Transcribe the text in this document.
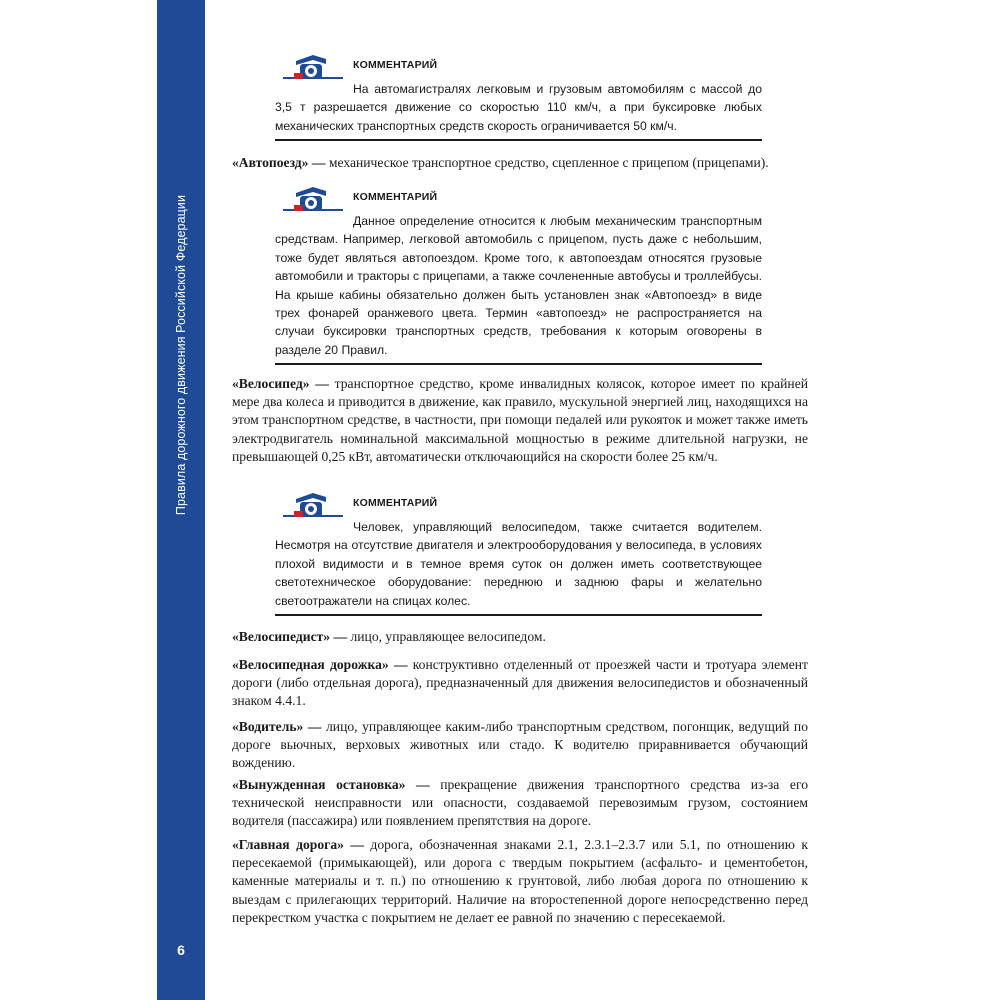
Правила дорожного движения Российской Федерации
6
КОММЕНТАРИЙ
На автомагистралях легковым и грузовым автомобилям с массой до 3,5 т разрешается движение со скоростью 110 км/ч, а при буксировке любых механических транспортных средств скорость ограничивается 50 км/ч.
«Автопоезд» — механическое транспортное средство, сцепленное с прицепом (прицепами).
КОММЕНТАРИЙ
Данное определение относится к любым механическим транспортным средствам. Например, легковой автомобиль с прицепом, пусть даже с небольшим, тоже будет являться автопоездом. Кроме того, к автопоездам относятся грузовые автомобили и тракторы с прицепами, а также сочлененные автобусы и троллейбусы. На крыше кабины обязательно должен быть установлен знак «Автопоезд» в виде трех фонарей оранжевого цвета. Термин «автопоезд» не распространяется на случаи буксировки транспортных средств, требования к которым оговорены в разделе 20 Правил.
«Велосипед» — транспортное средство, кроме инвалидных колясок, которое имеет по крайней мере два колеса и приводится в движение, как правило, мускульной энергией лиц, находящихся на этом транспортном средстве, в частности, при помощи педалей или рукояток и может также иметь электродвигатель номинальной максимальной мощностью в режиме длительной нагрузки, не превышающей 0,25 кВт, автоматически отключающийся на скорости более 25 км/ч.
КОММЕНТАРИЙ
Человек, управляющий велосипедом, также считается водителем. Несмотря на отсутствие двигателя и электрооборудования у велосипеда, в условиях плохой видимости и в темное время суток он должен иметь соответствующее светотехническое оборудование: переднюю и заднюю фары и желательно светоотражатели на спицах колес.
«Велосипедист» — лицо, управляющее велосипедом.
«Велосипедная дорожка» — конструктивно отделенный от проезжей части и тротуара элемент дороги (либо отдельная дорога), предназначенный для движения велосипедистов и обозначенный знаком 4.4.1.
«Водитель» — лицо, управляющее каким-либо транспортным средством, погонщик, ведущий по дороге вьючных, верховых животных или стадо. К водителю приравнивается обучающий вождению.
«Вынужденная остановка» — прекращение движения транспортного средства из-за его технической неисправности или опасности, создаваемой перевозимым грузом, состоянием водителя (пассажира) или появлением препятствия на дороге.
«Главная дорога» — дорога, обозначенная знаками 2.1, 2.3.1–2.3.7 или 5.1, по отношению к пересекаемой (примыкающей), или дорога с твердым покрытием (асфальто- и цементобетон, каменные материалы и т. п.) по отношению к грунтовой, либо любая дорога по отношению к выездам с прилегающих территорий. Наличие на второстепенной дороге непосредственно перед перекрестком участка с покрытием не делает ее равной по значению с пересекаемой.
